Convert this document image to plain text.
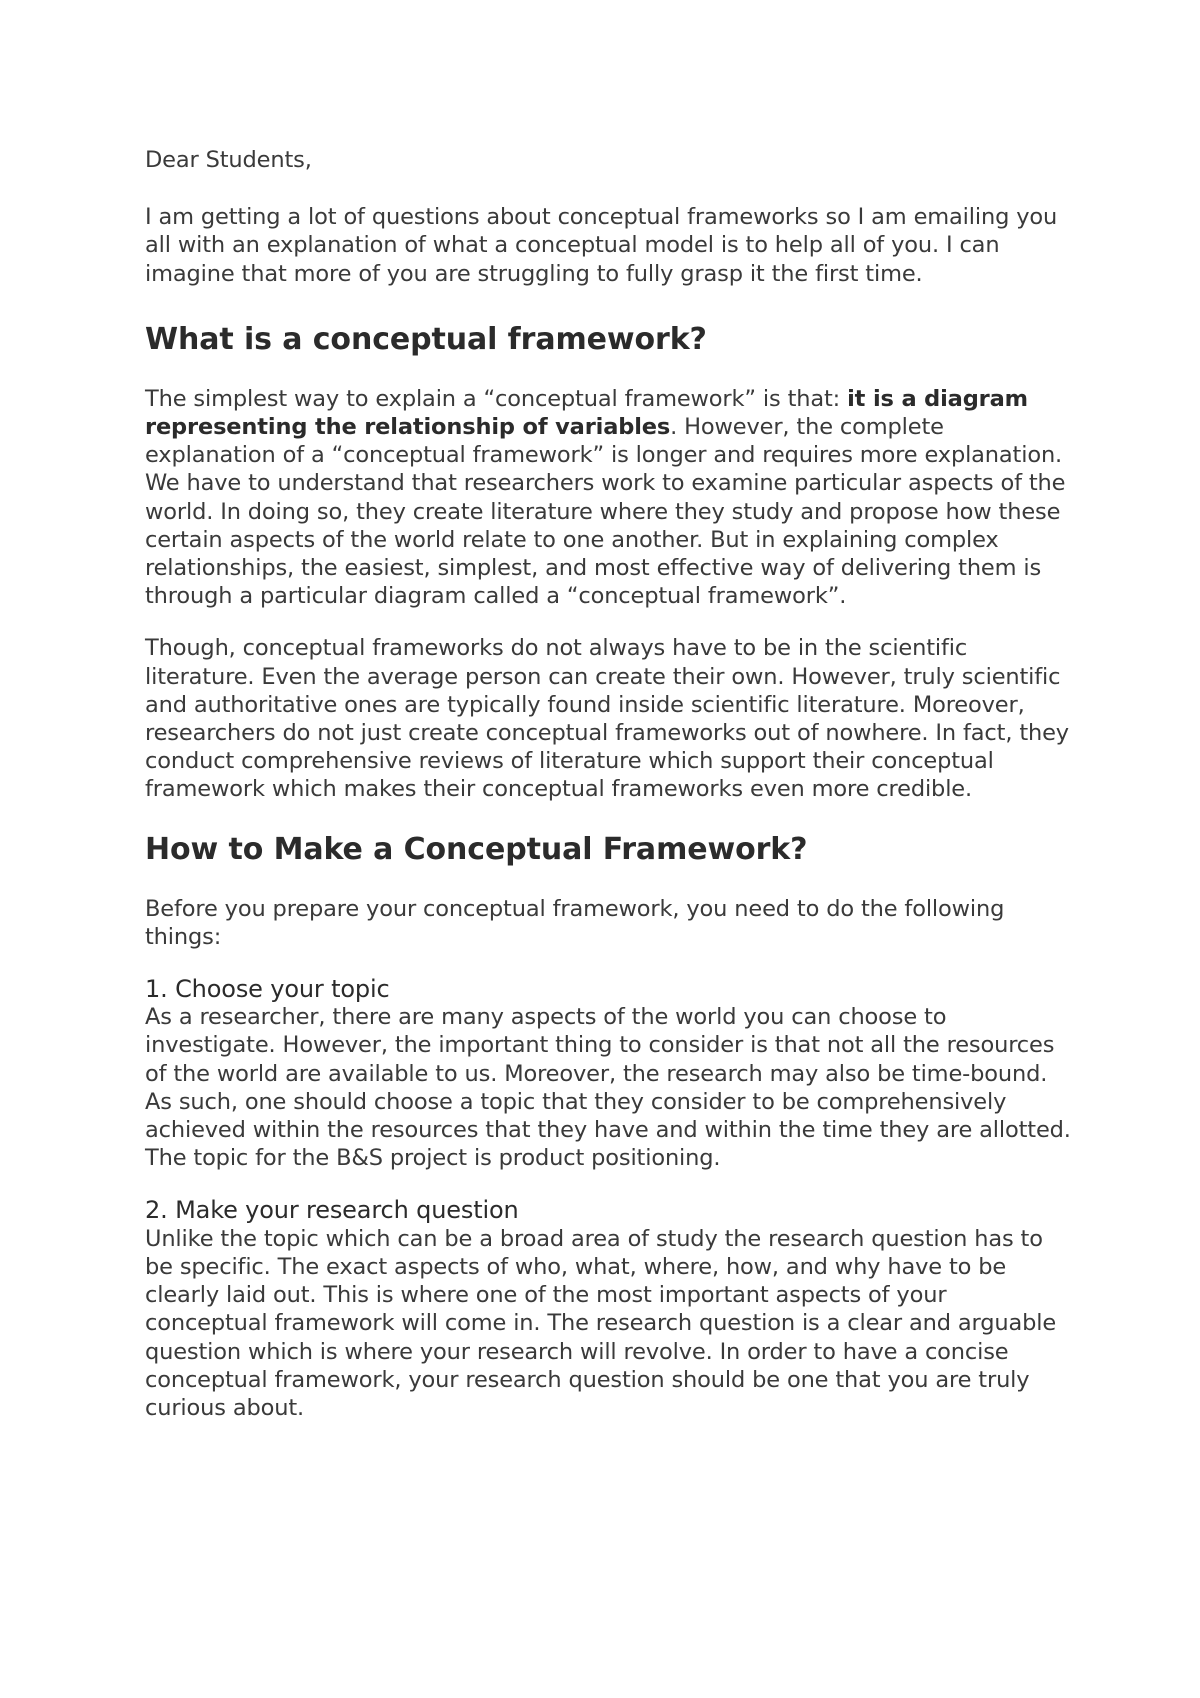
Dear Students,

I am getting a lot of questions about conceptual frameworks so I am emailing you all with an explanation of what a conceptual model is to help all of you. I can imagine that more of you are struggling to fully grasp it the first time.

What is a conceptual framework?

The simplest way to explain a “conceptual framework” is that: it is a diagram representing the relationship of variables. However, the complete explanation of a “conceptual framework” is longer and requires more explanation.

We have to understand that researchers work to examine particular aspects of the world. In doing so, they create literature where they study and propose how these certain aspects of the world relate to one another. But in explaining complex relationships, the easiest, simplest, and most effective way of delivering them is through a particular diagram called a “conceptual framework”.

Though, conceptual frameworks do not always have to be in the scientific literature. Even the average person can create their own. However, truly scientific and authoritative ones are typically found inside scientific literature. Moreover, researchers do not just create conceptual frameworks out of nowhere. In fact, they conduct comprehensive reviews of literature which support their conceptual framework which makes their conceptual frameworks even more credible.

How to Make a Conceptual Framework?

Before you prepare your conceptual framework, you need to do the following things:

1. Choose your topic

As a researcher, there are many aspects of the world you can choose to investigate. However, the important thing to consider is that not all the resources of the world are available to us. Moreover, the research may also be time-bound. As such, one should choose a topic that they consider to be comprehensively achieved within the resources that they have and within the time they are allotted. The topic for the B&S project is product positioning.

2. Make your research question

Unlike the topic which can be a broad area of study the research question has to be specific. The exact aspects of who, what, where, how, and why have to be clearly laid out. This is where one of the most important aspects of your conceptual framework will come in. The research question is a clear and arguable question which is where your research will revolve. In order to have a concise conceptual framework, your research question should be one that you are truly curious about.
